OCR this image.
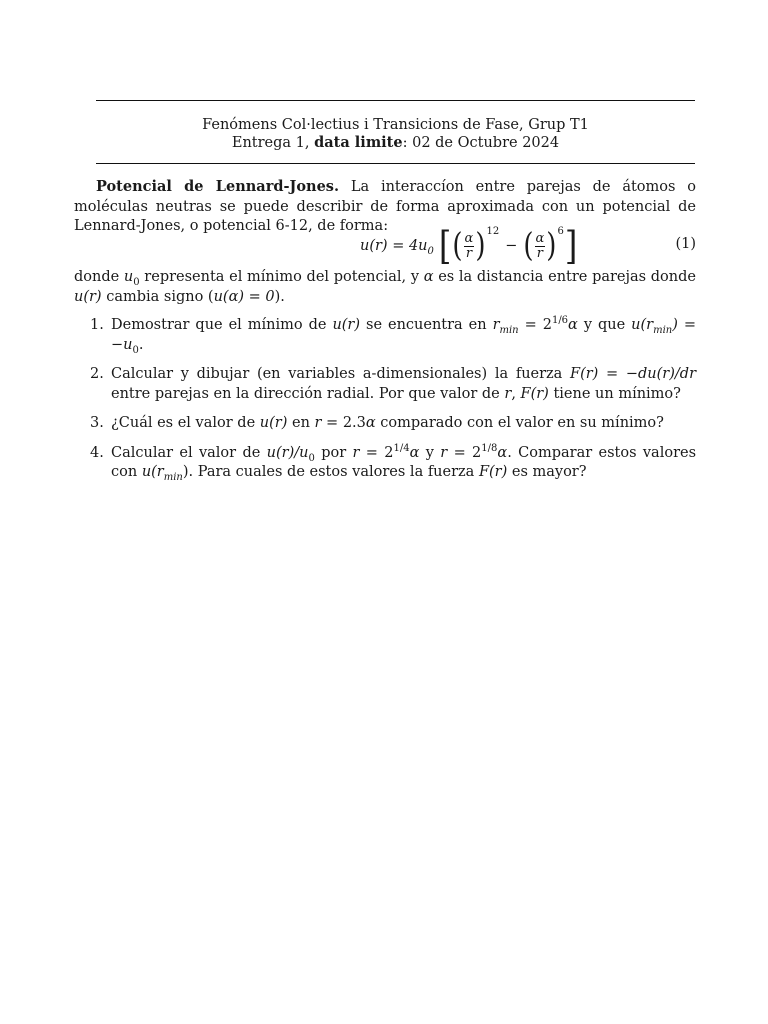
Fenómens Col·lectius i Transicions de Fase, Grup T1
Entrega 1, data limite: 02 de Octubre 2024
Potencial de Lennard-Jones. La interaccíon entre parejas de átomos o moléculas neutras se puede describir de forma aproximada con un potencial de Lennard-Jones, o potencial 6-12, de forma:
$u(r) = 4u_0$ [ ( $\frac{\alpha}{r}$ ) 12
− ( $\frac{\alpha}{r}$ ) 6 ]	(1)
donde $u_0$ representa el mínimo del potencial, y α es la distancia entre parejas donde u(r) cambia signo (u(α) = 0).
1. Demostrar que el mínimo de u(r) se encuentra en $r_{min} = 2^{1/6}\alpha$ y que $u(r_{min}) = -u_0$.
2. Calcular y dibujar (en variables a-dimensionales) la fuerza F(r) = −du(r)/dr entre parejas en la dirección radial. Por que valor de r, F(r) tiene un mínimo?
3. ¿Cuál es el valor de u(r) en r = 2.3α comparado con el valor en su mínimo?
4. Calcular el valor de $u(r)/u_0$ por $r = 2^{1/4}\alpha$ y $r = 2^{1/8}\alpha$. Comparar estos valores con $u(r_{min})$. Para cuales de estos valores la fuerza F(r) es mayor?
